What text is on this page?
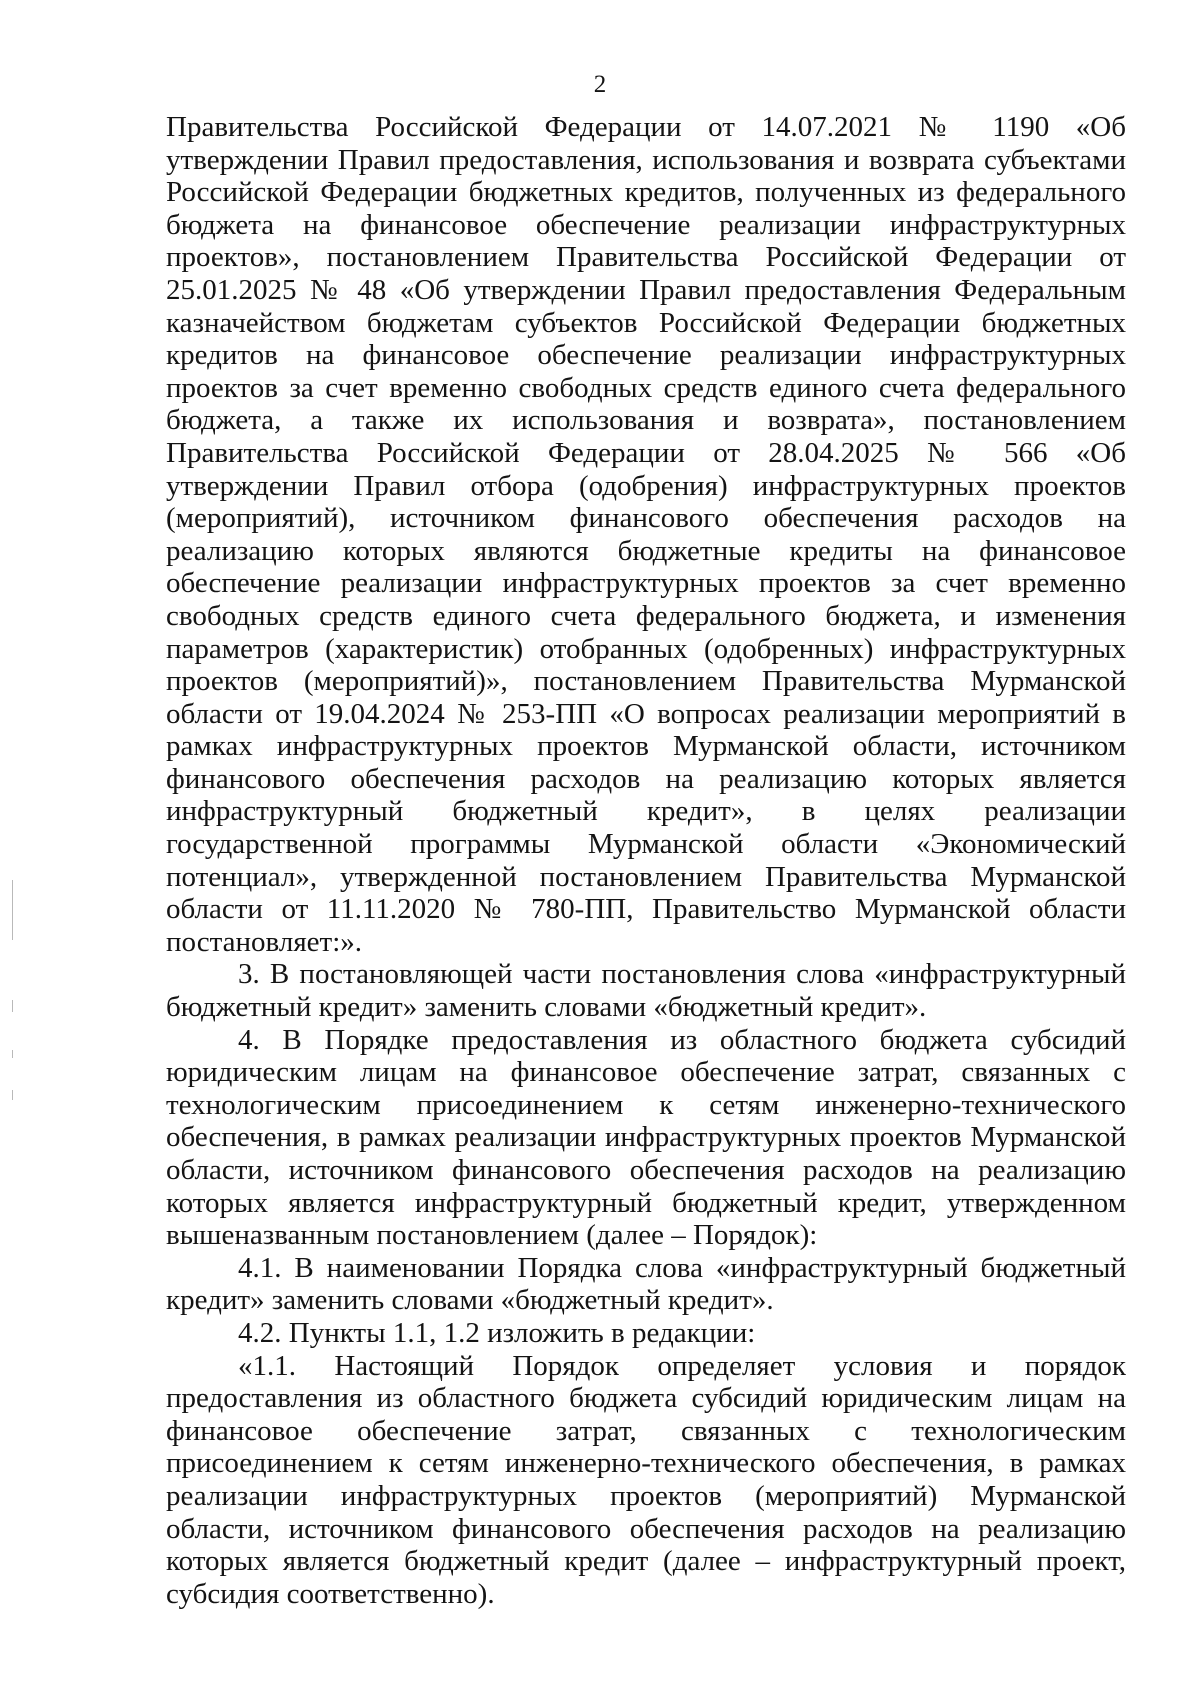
2

Правительства Российской Федерации от 14.07.2021 № 1190 «Об утверждении Правил предоставления, использования и возврата субъектами Российской Федерации бюджетных кредитов, полученных из федерального бюджета на финансовое обеспечение реализации инфраструктурных проектов», постановлением Правительства Российской Федерации от 25.01.2025 № 48 «Об утверждении Правил предоставления Федеральным казначейством бюджетам субъектов Российской Федерации бюджетных кредитов на финансовое обеспечение реализации инфраструктурных проектов за счет временно свободных средств единого счета федерального бюджета, а также их использования и возврата», постановлением Правительства Российской Федерации от 28.04.2025 № 566 «Об утверждении Правил отбора (одобрения) инфраструктурных проектов (мероприятий), источником финансового обеспечения расходов на реализацию которых являются бюджетные кредиты на финансовое обеспечение реализации инфраструктурных проектов за счет временно свободных средств единого счета федерального бюджета, и изменения параметров (характеристик) отобранных (одобренных) инфраструктурных проектов (мероприятий)», постановлением Правительства Мурманской области от 19.04.2024 № 253-ПП «О вопросах реализации мероприятий в рамках инфраструктурных проектов Мурманской области, источником финансового обеспечения расходов на реализацию которых является инфраструктурный бюджетный кредит», в целях реализации государственной программы Мурманской области «Экономический потенциал», утвержденной постановлением Правительства Мурманской области от 11.11.2020 № 780-ПП, Правительство Мурманской области постановляет:».

3. В постановляющей части постановления слова «инфраструктурный бюджетный кредит» заменить словами «бюджетный кредит».

4. В Порядке предоставления из областного бюджета субсидий юридическим лицам на финансовое обеспечение затрат, связанных с технологическим присоединением к сетям инженерно-технического обеспечения, в рамках реализации инфраструктурных проектов Мурманской области, источником финансового обеспечения расходов на реализацию которых является инфраструктурный бюджетный кредит, утвержденном вышеназванным постановлением (далее – Порядок):

4.1. В наименовании Порядка слова «инфраструктурный бюджетный кредит» заменить словами «бюджетный кредит».

4.2. Пункты 1.1, 1.2 изложить в редакции:

«1.1. Настоящий Порядок определяет условия и порядок предоставления из областного бюджета субсидий юридическим лицам на финансовое обеспечение затрат, связанных с технологическим присоединением к сетям инженерно-технического обеспечения, в рамках реализации инфраструктурных проектов (мероприятий) Мурманской области, источником финансового обеспечения расходов на реализацию которых является бюджетный кредит (далее – инфраструктурный проект, субсидия соответственно).
